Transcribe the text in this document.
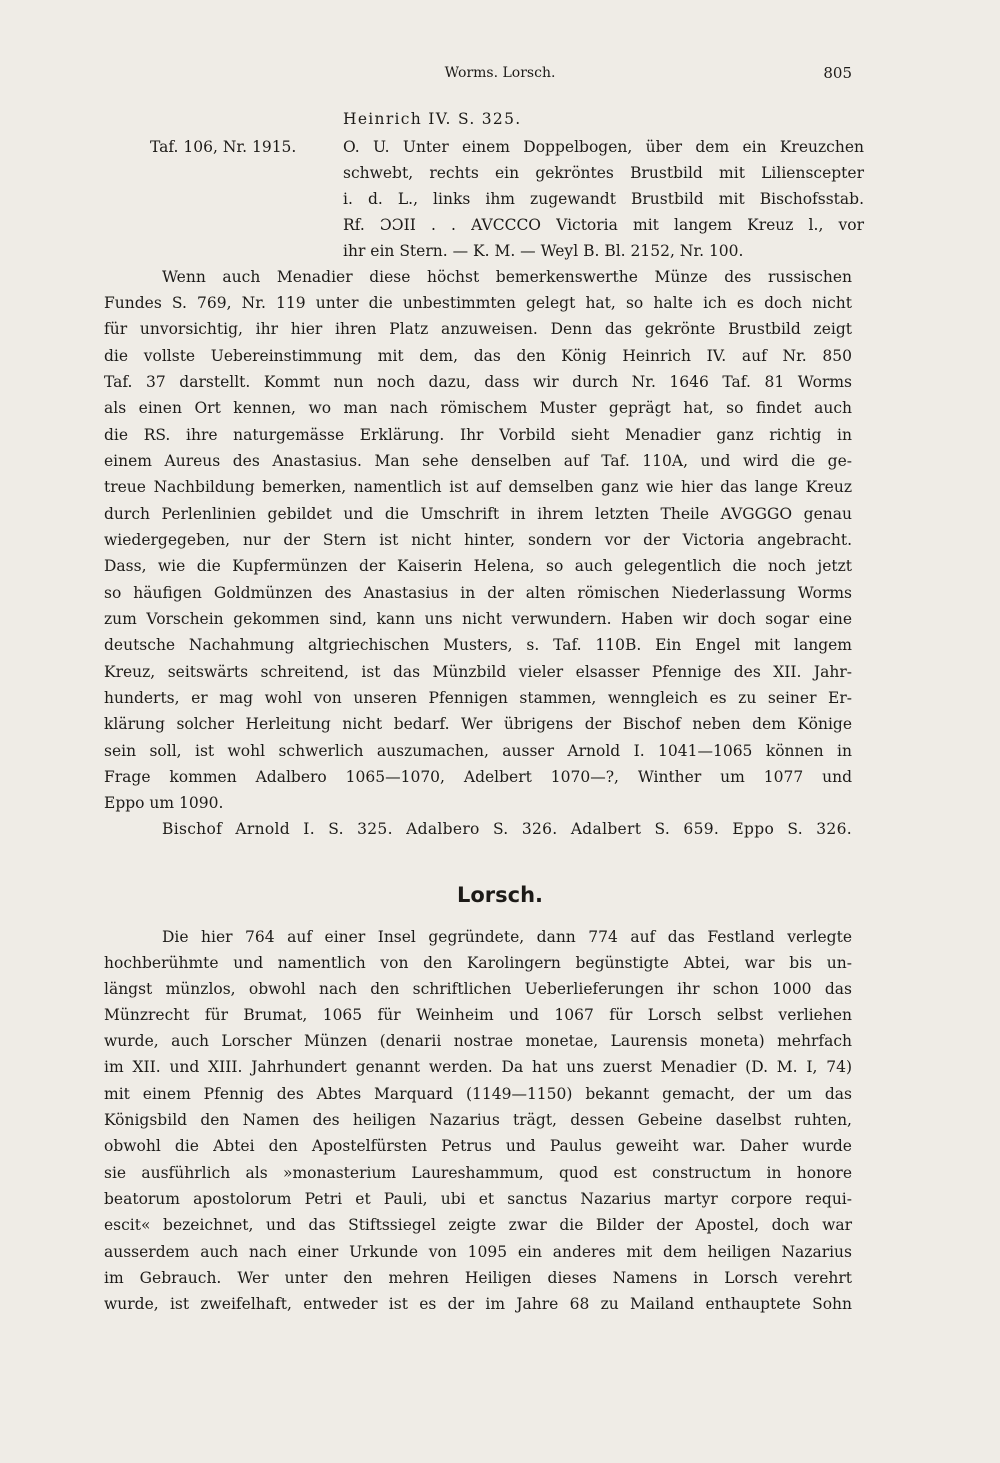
Worms. Lorsch.	805
Heinrich IV. S. 325.
Taf. 106, Nr. 1915.	O. U. Unter einem Doppelbogen, über dem ein Kreuzchen
schwebt, rechts ein gekröntes Brustbild mit Lilienscepter
i. d. L., links ihm zugewandt Brustbild mit Bischofsstab.
Rf. ƆƆII . . AVCCCO Victoria mit langem Kreuz l., vor
ihr ein Stern. — K. M. — Weyl B. Bl. 2152, Nr. 100.
Wenn auch Menadier diese höchst bemerkenswerthe Münze des russischen
Fundes S. 769, Nr. 119 unter die unbestimmten gelegt hat, so halte ich es doch nicht
für unvorsichtig, ihr hier ihren Platz anzuweisen. Denn das gekrönte Brustbild zeigt
die vollste Uebereinstimmung mit dem, das den König Heinrich IV. auf Nr. 850
Taf. 37 darstellt. Kommt nun noch dazu, dass wir durch Nr. 1646 Taf. 81 Worms
als einen Ort kennen, wo man nach römischem Muster geprägt hat, so findet auch
die RS. ihre naturgemässe Erklärung. Ihr Vorbild sieht Menadier ganz richtig in
einem Aureus des Anastasius. Man sehe denselben auf Taf. 110A, und wird die ge-
treue Nachbildung bemerken, namentlich ist auf demselben ganz wie hier das lange Kreuz
durch Perlenlinien gebildet und die Umschrift in ihrem letzten Theile AVGGGO genau
wiedergegeben, nur der Stern ist nicht hinter, sondern vor der Victoria angebracht.
Dass, wie die Kupfermünzen der Kaiserin Helena, so auch gelegentlich die noch jetzt
so häufigen Goldmünzen des Anastasius in der alten römischen Niederlassung Worms
zum Vorschein gekommen sind, kann uns nicht verwundern. Haben wir doch sogar eine
deutsche Nachahmung altgriechischen Musters, s. Taf. 110B. Ein Engel mit langem
Kreuz, seitswärts schreitend, ist das Münzbild vieler elsasser Pfennige des XII. Jahr-
hunderts, er mag wohl von unseren Pfennigen stammen, wenngleich es zu seiner Er-
klärung solcher Herleitung nicht bedarf. Wer übrigens der Bischof neben dem Könige
sein soll, ist wohl schwerlich auszumachen, ausser Arnold I. 1041—1065 können in
Frage kommen Adalbero 1065—1070, Adelbert 1070—?, Winther um 1077 und
Eppo um 1090.
Bischof Arnold I. S. 325. Adalbero S. 326. Adalbert S. 659. Eppo S. 326.
Lorsch.
Die hier 764 auf einer Insel gegründete, dann 774 auf das Festland verlegte
hochberühmte und namentlich von den Karolingern begünstigte Abtei, war bis un-
längst münzlos, obwohl nach den schriftlichen Ueberlieferungen ihr schon 1000 das
Münzrecht für Brumat, 1065 für Weinheim und 1067 für Lorsch selbst verliehen
wurde, auch Lorscher Münzen (denarii nostrae monetae, Laurensis moneta) mehrfach
im XII. und XIII. Jahrhundert genannt werden. Da hat uns zuerst Menadier (D. M. I, 74)
mit einem Pfennig des Abtes Marquard (1149—1150) bekannt gemacht, der um das
Königsbild den Namen des heiligen Nazarius trägt, dessen Gebeine daselbst ruhten,
obwohl die Abtei den Apostelfürsten Petrus und Paulus geweiht war. Daher wurde
sie ausführlich als »monasterium Laureshammum, quod est constructum in honore
beatorum apostolorum Petri et Pauli, ubi et sanctus Nazarius martyr corpore requi-
escit« bezeichnet, und das Stiftssiegel zeigte zwar die Bilder der Apostel, doch war
ausserdem auch nach einer Urkunde von 1095 ein anderes mit dem heiligen Nazarius
im Gebrauch. Wer unter den mehren Heiligen dieses Namens in Lorsch verehrt
wurde, ist zweifelhaft, entweder ist es der im Jahre 68 zu Mailand enthauptete Sohn
